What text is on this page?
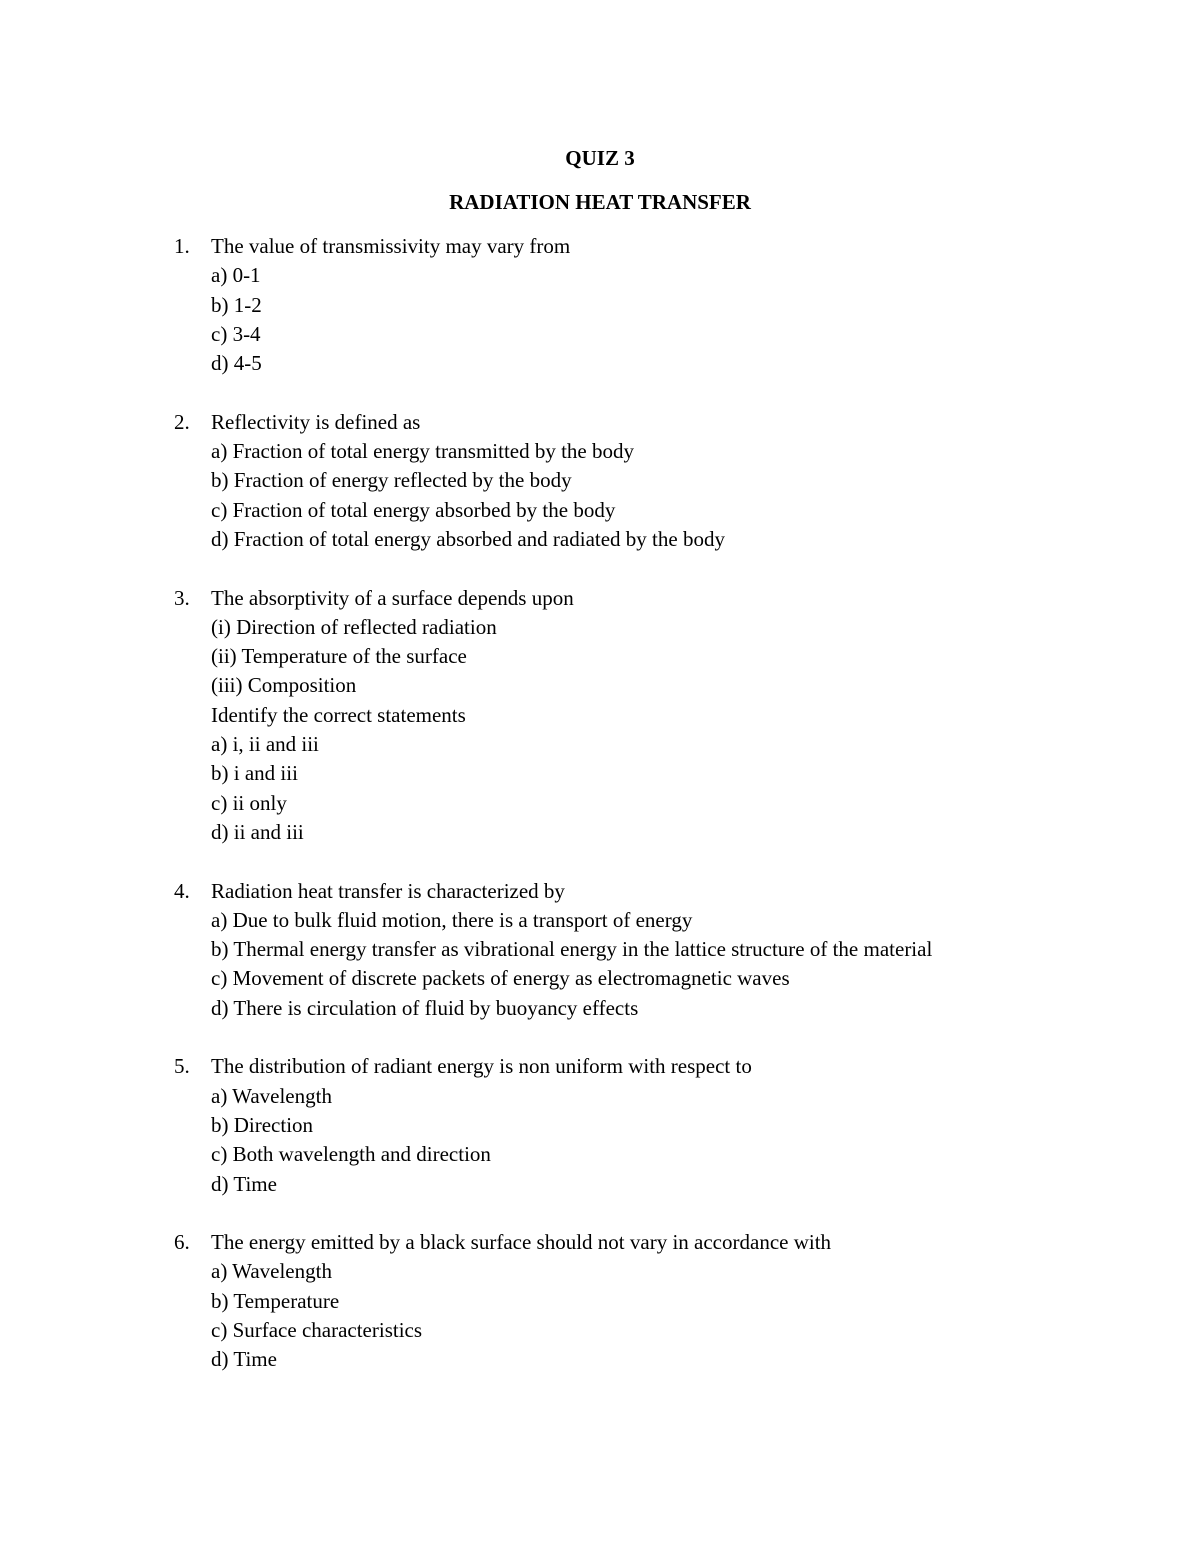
QUIZ 3
RADIATION HEAT TRANSFER
1.	The value of transmissivity may vary from
a) 0-1
b) 1-2
c) 3-4
d) 4-5
2.	Reflectivity is defined as
a) Fraction of total energy transmitted by the body
b) Fraction of energy reflected by the body
c) Fraction of total energy absorbed by the body
d) Fraction of total energy absorbed and radiated by the body
3.	The absorptivity of a surface depends upon
(i) Direction of reflected radiation
(ii) Temperature of the surface
(iii) Composition
Identify the correct statements
a) i, ii and iii
b) i and iii
c) ii only
d) ii and iii
4.	Radiation heat transfer is characterized by
a) Due to bulk fluid motion, there is a transport of energy
b) Thermal energy transfer as vibrational energy in the lattice structure of the material
c) Movement of discrete packets of energy as electromagnetic waves
d) There is circulation of fluid by buoyancy effects
5.	The distribution of radiant energy is non uniform with respect to
a) Wavelength
b) Direction
c) Both wavelength and direction
d) Time
6.	The energy emitted by a black surface should not vary in accordance with
a) Wavelength
b) Temperature
c) Surface characteristics
d) Time
